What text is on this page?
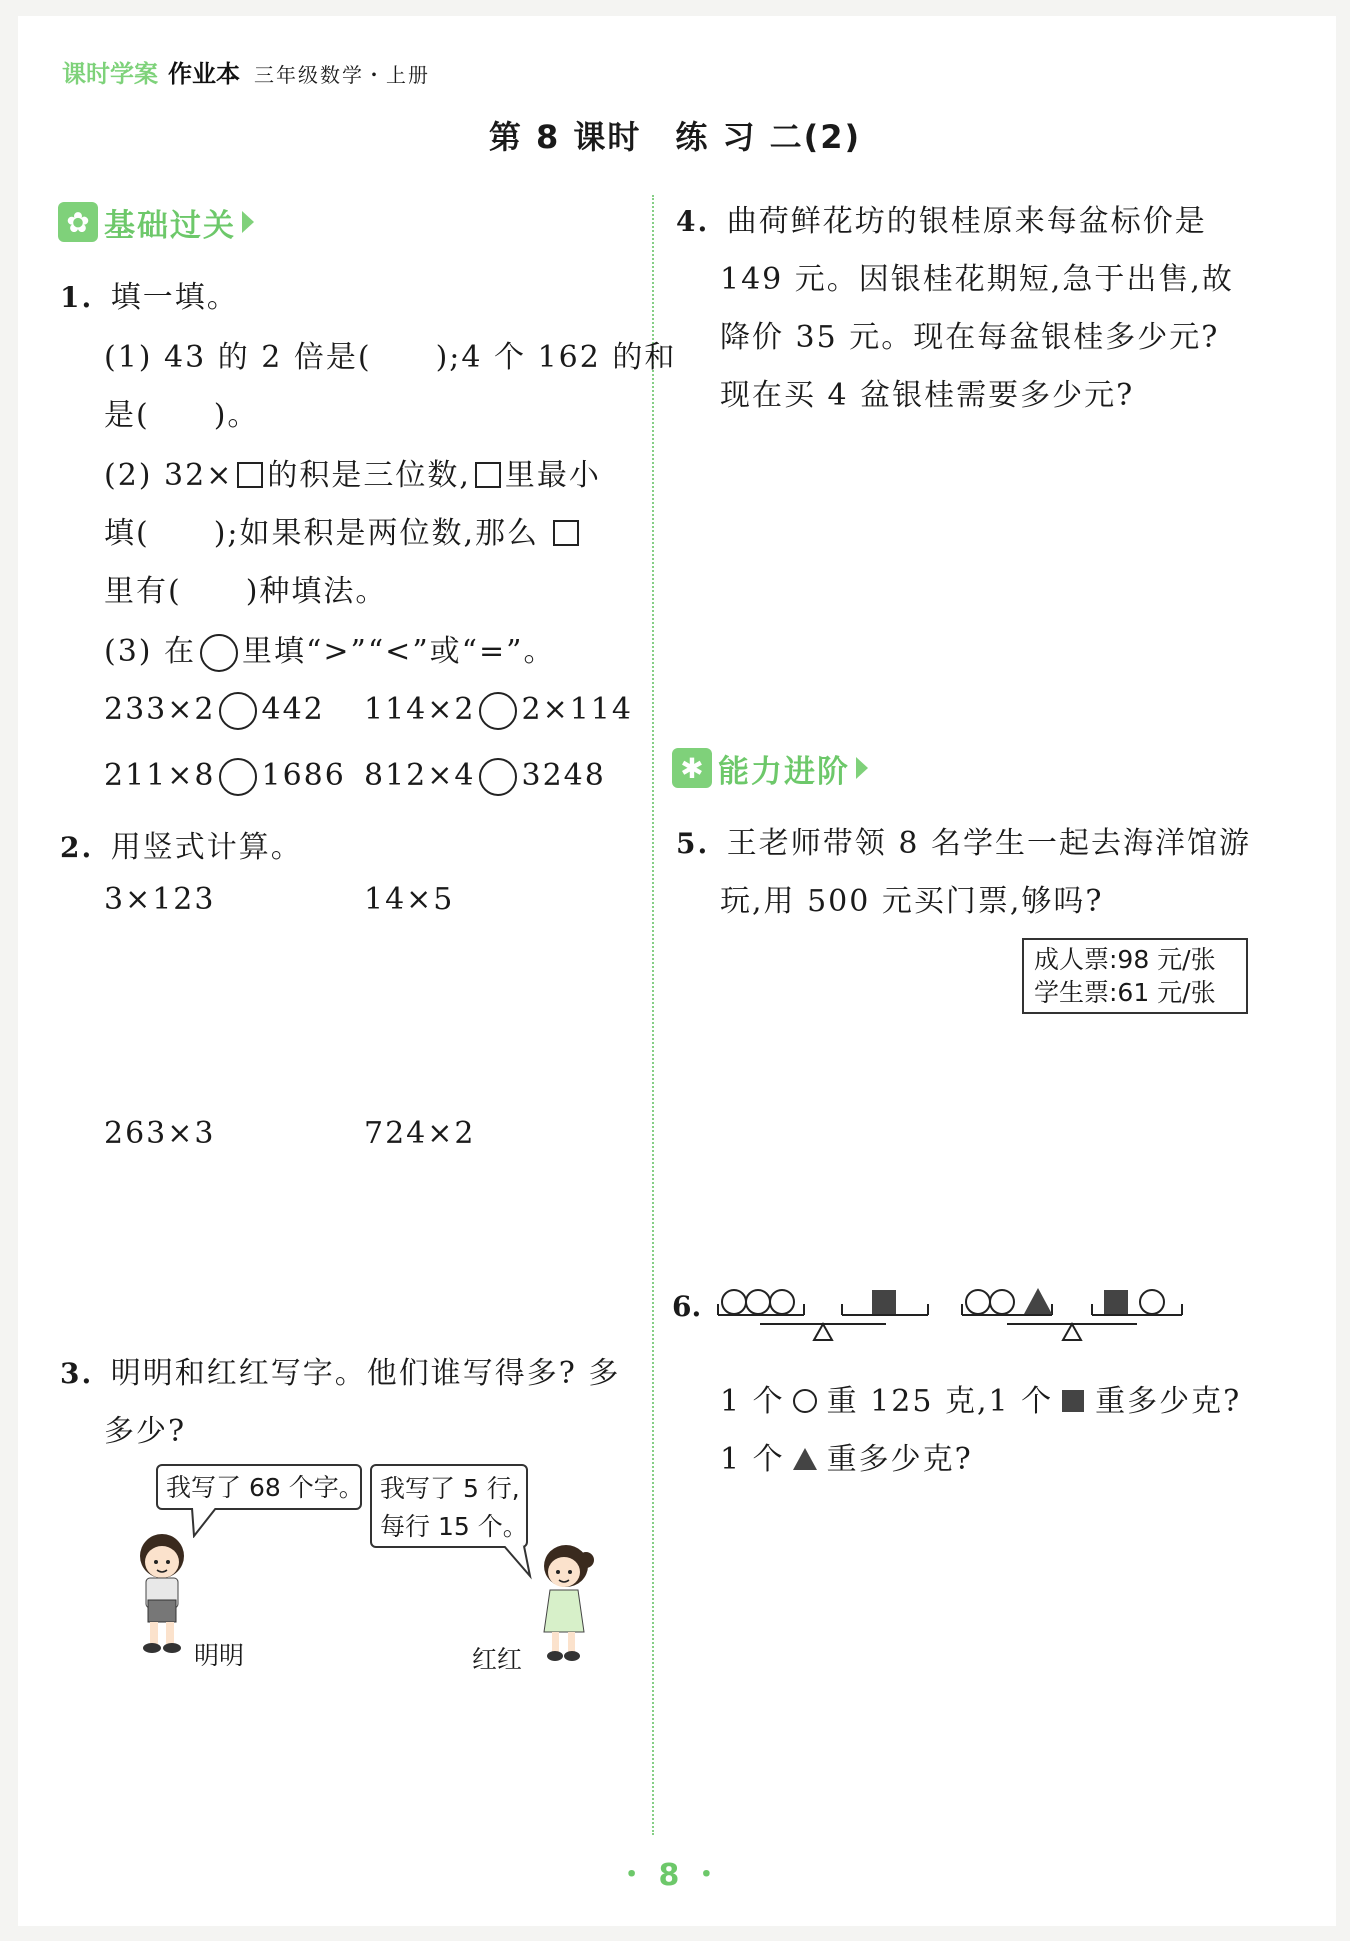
课时学案 作业本 三年级数学・上册
第 8 课时　练 习 二(2)
✿ 基础过关
1. 填一填。
(1) 43 的 2 倍是(　　);4 个 162 的和
是(　　)。
(2) 32× 的积是三位数, 里最小
填(　　);如果积是两位数,那么
里有(　　)种填法。
(3) 在 里填“>”“<”或“=”。
233×2 442 114×2 2×114
211×8 1686 812×4 3248
2. 用竖式计算。
3×123	14×5
263×3	724×2
3. 明明和红红写字。他们谁写得多? 多
多少?
我写了 68 个字。 我写了 5 行,
每行 15 个。
明明	红红
4. 曲荷鲜花坊的银桂原来每盆标价是
149 元。因银桂花期短,急于出售,故
降价 35 元。现在每盆银桂多少元?
现在买 4 盆银桂需要多少元?
✱ 能力进阶
5. 王老师带领 8 名学生一起去海洋馆游
玩,用 500 元买门票,够吗?
成人票:98 元/张
学生票:61 元/张
6.
1 个 重 125 克,1 个 重多少克?
1 个 重多少克?
・8・
